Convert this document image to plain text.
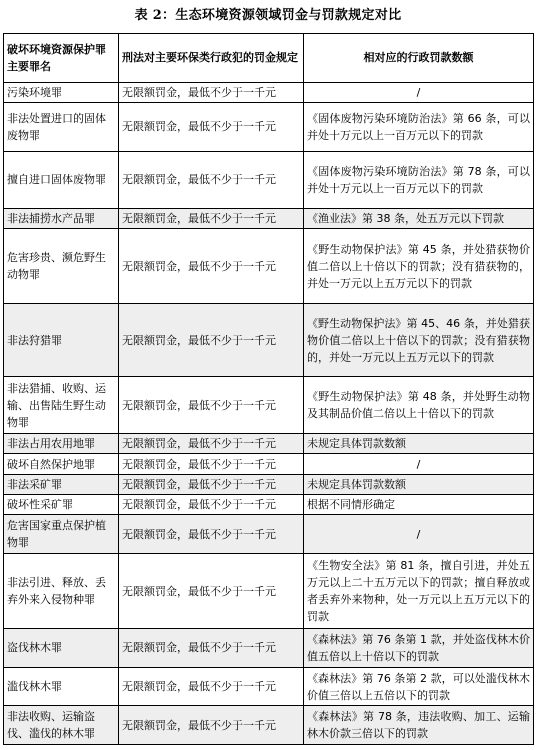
表 2：生态环境资源领域罚金与罚款规定对比
破坏环境资源保护罪主要罪名	刑法对主要环保类行政犯的罚金规定	相对应的行政罚款数额
污染环境罪	无限额罚金，最低不少于一千元	/
非法处置进口的固体废物罪	无限额罚金，最低不少于一千元	《固体废物污染环境防治法》第 66 条，可以并处十万元以上一百万元以下的罚款
擅自进口固体废物罪	无限额罚金，最低不少于一千元	《固体废物污染环境防治法》第 78 条，可以并处十万元以上一百万元以下的罚款
非法捕捞水产品罪	无限额罚金，最低不少于一千元	《渔业法》第 38 条，处五万元以下罚款
危害珍贵、濒危野生动物罪	无限额罚金，最低不少于一千元	《野生动物保护法》第 45 条，并处猎获物价值二倍以上十倍以下的罚款；没有猎获物的，并处一万元以上五万元以下的罚款
非法狩猎罪	无限额罚金，最低不少于一千元	《野生动物保护法》第 45、46 条，并处猎获物价值二倍以上十倍以下的罚款；没有猎获物的，并处一万元以上五万元以下的罚款
非法猎捕、收购、运输、出售陆生野生动物罪	无限额罚金，最低不少于一千元	《野生动物保护法》第 48 条，并处野生动物及其制品价值二倍以上十倍以下的罚款
非法占用农用地罪	无限额罚金，最低不少于一千元	未规定具体罚款数额
破坏自然保护地罪	无限额罚金，最低不少于一千元	/
非法采矿罪	无限额罚金，最低不少于一千元	未规定具体罚款数额
破坏性采矿罪	无限额罚金，最低不少于一千元	根据不同情形确定
危害国家重点保护植物罪	无限额罚金，最低不少于一千元	/
非法引进、释放、丢弃外来入侵物种罪	无限额罚金，最低不少于一千元	《生物安全法》第 81 条，擅自引进，并处五万元以上二十五万元以下的罚款；擅自释放或者丢弃外来物种，处一万元以上五万元以下的罚款
盗伐林木罪	无限额罚金，最低不少于一千元	《森林法》第 76 条第 1 款，并处盗伐林木价值五倍以上十倍以下的罚款
滥伐林木罪	无限额罚金，最低不少于一千元	《森林法》第 76 条第 2 款，可以处滥伐林木价值三倍以上五倍以下的罚款
非法收购、运输盗伐、滥伐的林木罪	无限额罚金，最低不少于一千元	《森林法》第 78 条，违法收购、加工、运输林木价款三倍以下的罚款
